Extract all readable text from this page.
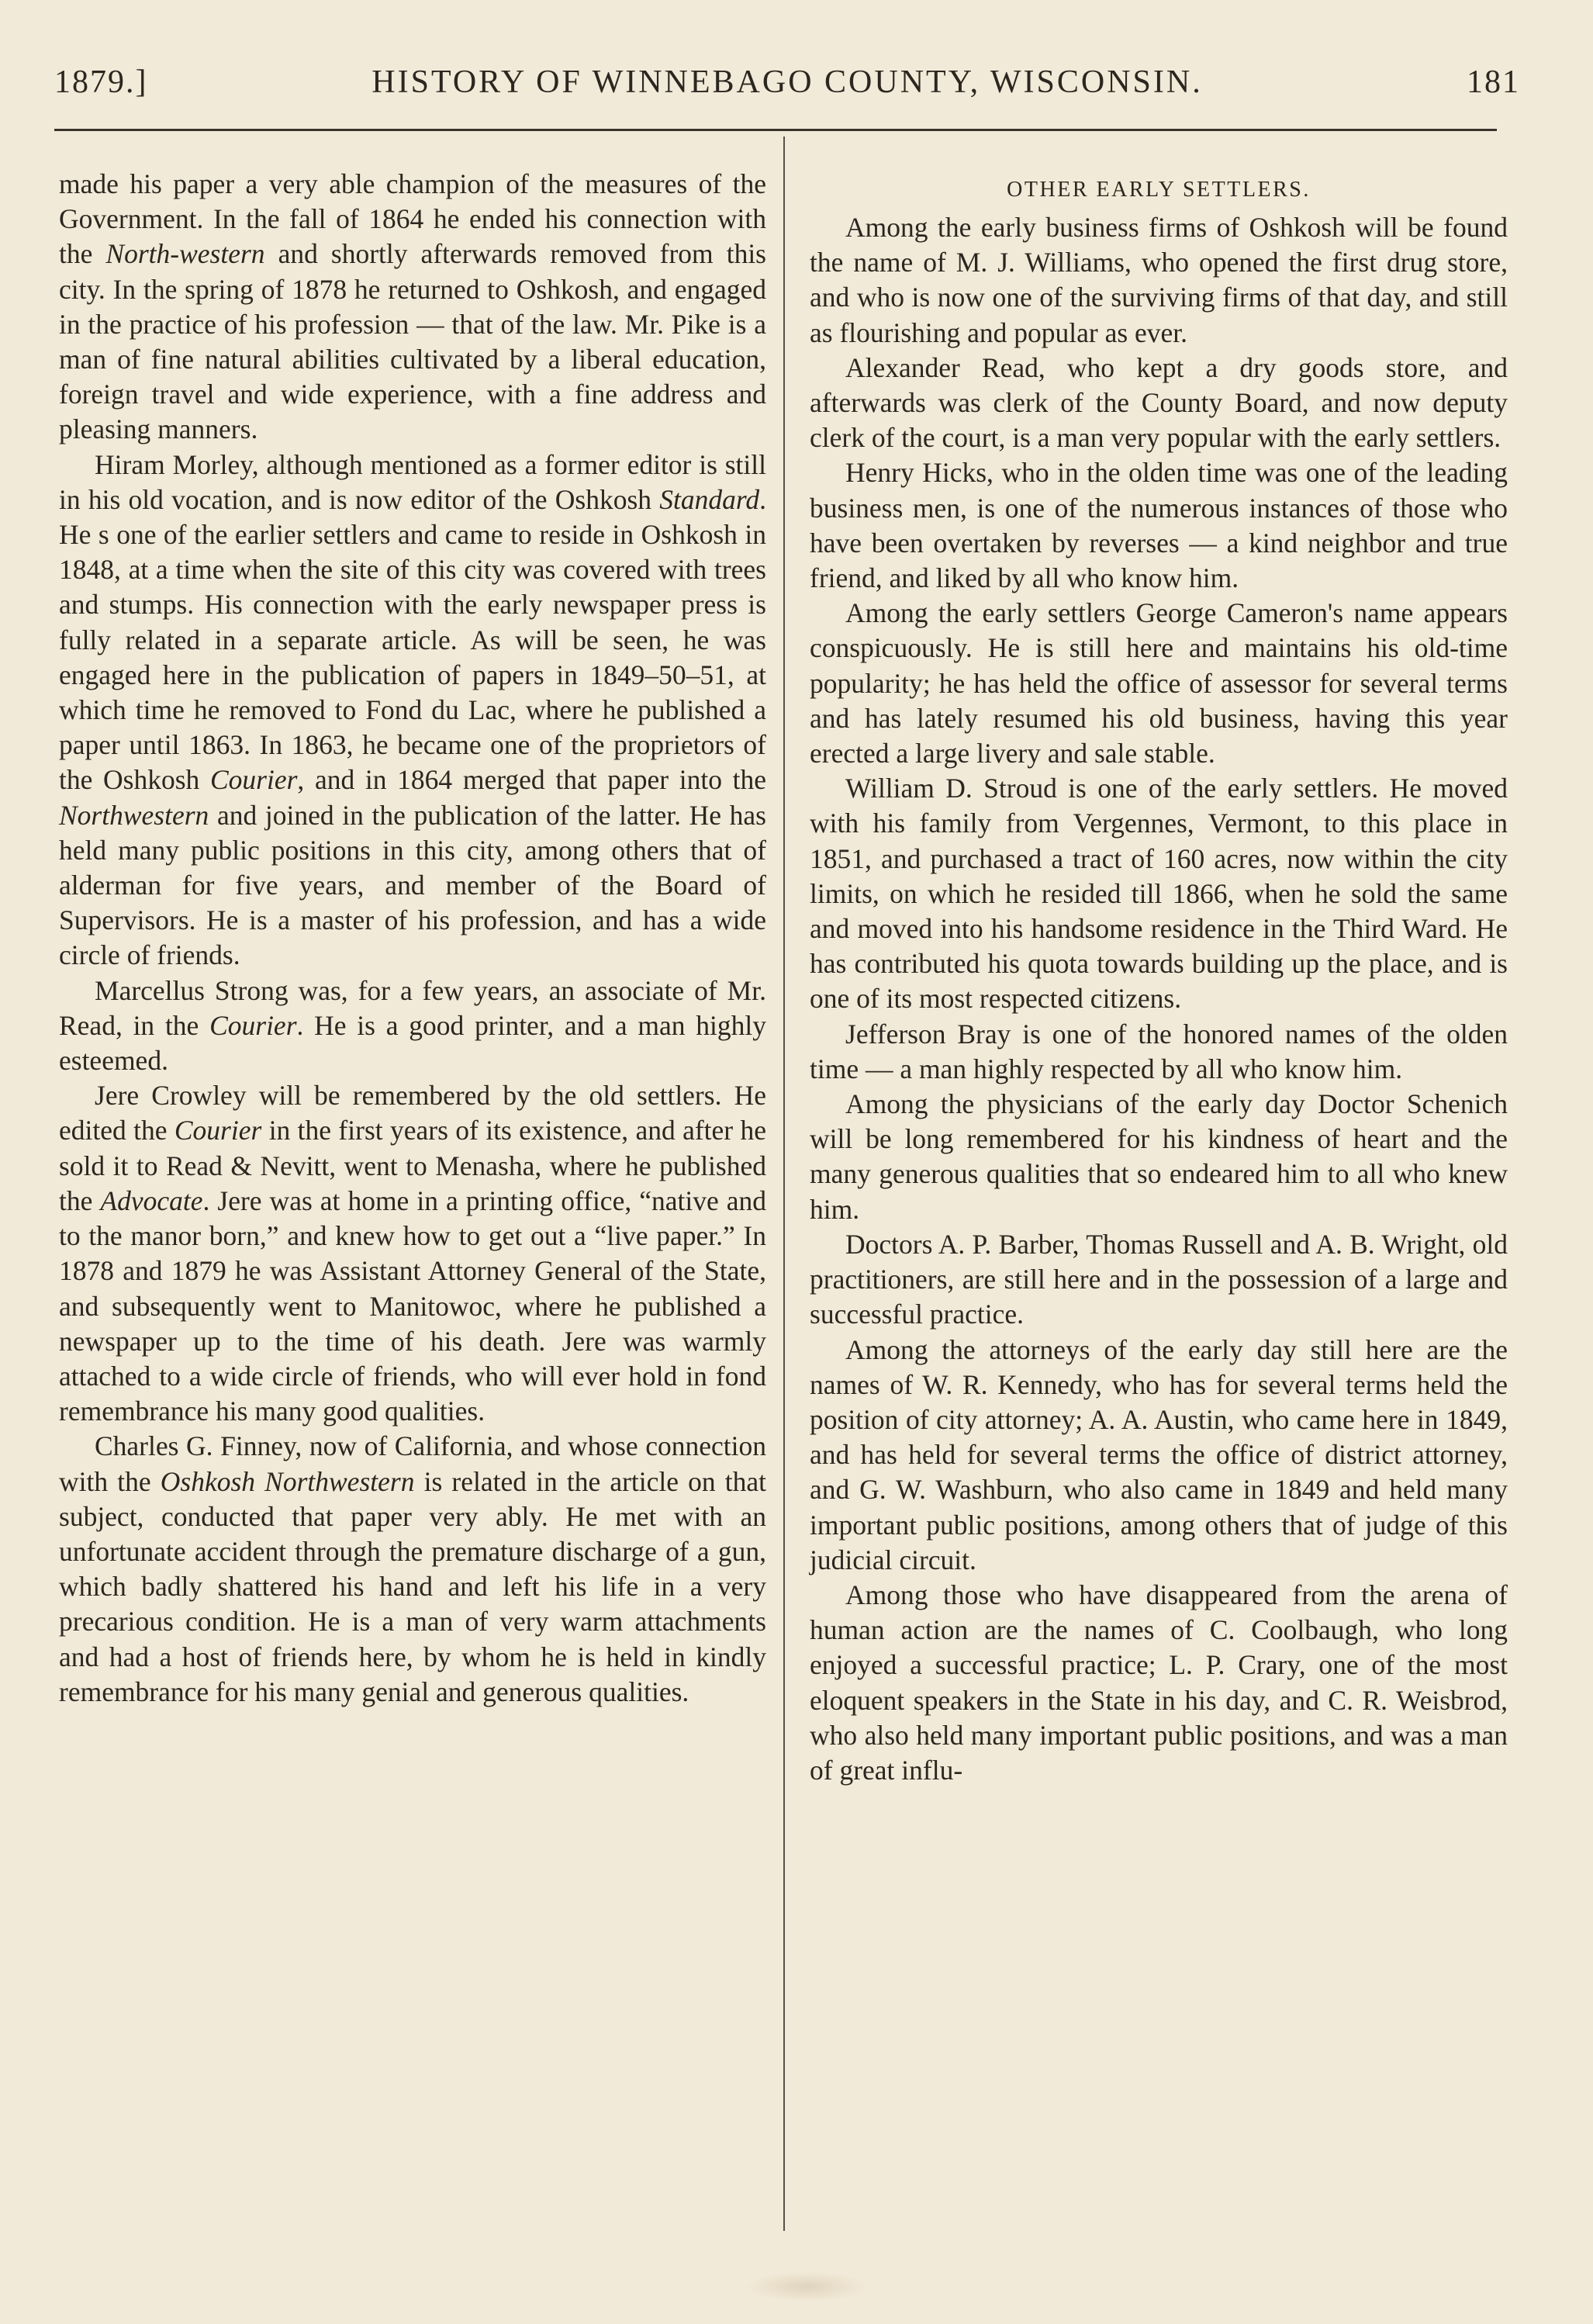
1879.]	HISTORY OF WINNEBAGO COUNTY, WISCONSIN.	181

made his paper a very able champion of the measures of the Government. In the fall of 1864 he ended his connection with the North-western and shortly afterwards removed from this city. In the spring of 1878 he returned to Oshkosh, and engaged in the practice of his profession — that of the law. Mr. Pike is a man of fine natural abilities cultivated by a liberal education, foreign travel and wide experience, with a fine address and pleasing manners.

Hiram Morley, although mentioned as a former editor is still in his old vocation, and is now editor of the Oshkosh Standard. He s one of the earlier settlers and came to reside in Oshkosh in 1848, at a time when the site of this city was covered with trees and stumps. His connection with the early newspaper press is fully related in a separate article. As will be seen, he was engaged here in the publication of papers in 1849–50–51, at which time he removed to Fond du Lac, where he published a paper until 1863. In 1863, he became one of the proprietors of the Oshkosh Courier, and in 1864 merged that paper into the Northwestern and joined in the publication of the latter. He has held many public positions in this city, among others that of alderman for five years, and member of the Board of Supervisors. He is a master of his profession, and has a wide circle of friends.

Marcellus Strong was, for a few years, an associate of Mr. Read, in the Courier. He is a good printer, and a man highly esteemed.

Jere Crowley will be remembered by the old settlers. He edited the Courier in the first years of its existence, and after he sold it to Read & Nevitt, went to Menasha, where he published the Advocate. Jere was at home in a printing office, “native and to the manor born,” and knew how to get out a “live paper.” In 1878 and 1879 he was Assistant Attorney General of the State, and subsequently went to Manitowoc, where he published a newspaper up to the time of his death. Jere was warmly attached to a wide circle of friends, who will ever hold in fond remembrance his many good qualities.

Charles G. Finney, now of California, and whose connection with the Oshkosh Northwestern is related in the article on that subject, conducted that paper very ably. He met with an unfortunate accident through the premature discharge of a gun, which badly shattered his hand and left his life in a very precarious condition. He is a man of very warm attachments and had a host of friends here, by whom he is held in kindly remembrance for his many genial and generous qualities.

OTHER EARLY SETTLERS.

Among the early business firms of Oshkosh will be found the name of M. J. Williams, who opened the first drug store, and who is now one of the surviving firms of that day, and still as flourishing and popular as ever.

Alexander Read, who kept a dry goods store, and afterwards was clerk of the County Board, and now deputy clerk of the court, is a man very popular with the early settlers.

Henry Hicks, who in the olden time was one of the leading business men, is one of the numerous instances of those who have been overtaken by reverses — a kind neighbor and true friend, and liked by all who know him.

Among the early settlers George Cameron's name appears conspicuously. He is still here and maintains his old-time popularity; he has held the office of assessor for several terms and has lately resumed his old business, having this year erected a large livery and sale stable.

William D. Stroud is one of the early settlers. He moved with his family from Vergennes, Vermont, to this place in 1851, and purchased a tract of 160 acres, now within the city limits, on which he resided till 1866, when he sold the same and moved into his handsome residence in the Third Ward. He has contributed his quota towards building up the place, and is one of its most respected citizens.

Jefferson Bray is one of the honored names of the olden time — a man highly respected by all who know him.

Among the physicians of the early day Doctor Schenich will be long remembered for his kindness of heart and the many generous qualities that so endeared him to all who knew him.

Doctors A. P. Barber, Thomas Russell and A. B. Wright, old practitioners, are still here and in the possession of a large and successful practice.

Among the attorneys of the early day still here are the names of W. R. Kennedy, who has for several terms held the position of city attorney; A. A. Austin, who came here in 1849, and has held for several terms the office of district attorney, and G. W. Washburn, who also came in 1849 and held many important public positions, among others that of judge of this judicial circuit.

Among those who have disappeared from the arena of human action are the names of C. Coolbaugh, who long enjoyed a successful practice; L. P. Crary, one of the most eloquent speakers in the State in his day, and C. R. Weisbrod, who also held many important public positions, and was a man of great influ-
